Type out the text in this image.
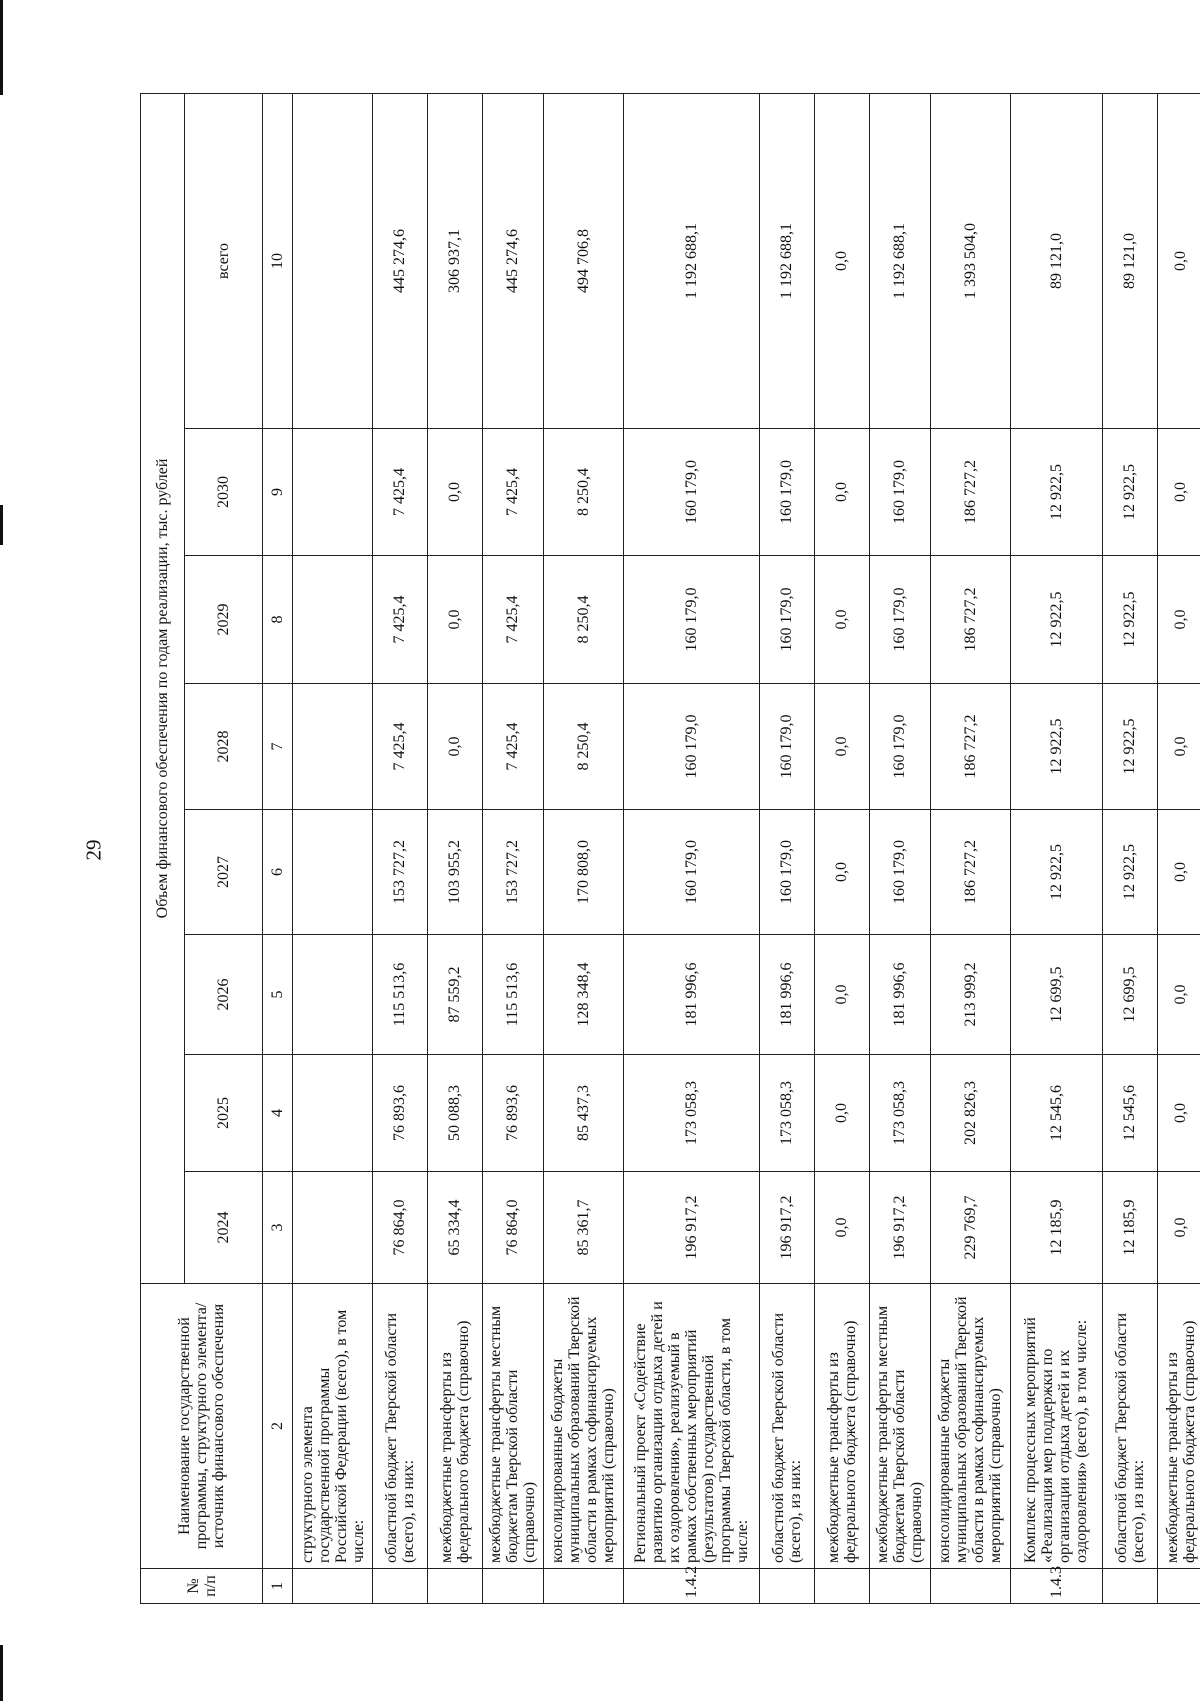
29
№ п/п	Наименование государственной программы, структурного элемента/источник финансового обеспечения	Объем финансового обеспечения по годам реализации, тыс. рублей							
		2024	2025	2026	2027	2028	2029	2030	всего
1	2	3	4	5	6	7	8	9	10
	структурного элемента государственной программы Российской Федерации (всего), в том числе:								
	областной бюджет Тверской области (всего), из них:	76 864,0	76 893,6	115 513,6	153 727,2	7 425,4	7 425,4	7 425,4	445 274,6
	межбюджетные трансферты из федерального бюджета (справочно)	65 334,4	50 088,3	87 559,2	103 955,2	0,0	0,0	0,0	306 937,1
	межбюджетные трансферты местным бюджетам Тверской области (справочно)	76 864,0	76 893,6	115 513,6	153 727,2	7 425,4	7 425,4	7 425,4	445 274,6
	консолидированные бюджеты муниципальных образований Тверской области в рамках софинансируемых мероприятий (справочно)	85 361,7	85 437,3	128 348,4	170 808,0	8 250,4	8 250,4	8 250,4	494 706,8
1.4.2	Региональный проект «Содействие развитию организации отдыха детей и их оздоровления», реализуемый в рамках собственных мероприятий (результатов) государственной программы Тверской области, в том числе:	196 917,2	173 058,3	181 996,6	160 179,0	160 179,0	160 179,0	160 179,0	1 192 688,1
	областной бюджет Тверской области (всего), из них:	196 917,2	173 058,3	181 996,6	160 179,0	160 179,0	160 179,0	160 179,0	1 192 688,1
	межбюджетные трансферты из федерального бюджета (справочно)	0,0	0,0	0,0	0,0	0,0	0,0	0,0	0,0
	межбюджетные трансферты местным бюджетам Тверской области (справочно)	196 917,2	173 058,3	181 996,6	160 179,0	160 179,0	160 179,0	160 179,0	1 192 688,1
	консолидированные бюджеты муниципальных образований Тверской области в рамках софинансируемых мероприятий (справочно)	229 769,7	202 826,3	213 999,2	186 727,2	186 727,2	186 727,2	186 727,2	1 393 504,0
1.4.3	Комплекс процессных мероприятий «Реализация мер поддержки по организации отдыха детей и их оздоровления» (всего), в том числе:	12 185,9	12 545,6	12 699,5	12 922,5	12 922,5	12 922,5	12 922,5	89 121,0
	областной бюджет Тверской области (всего), из них:	12 185,9	12 545,6	12 699,5	12 922,5	12 922,5	12 922,5	12 922,5	89 121,0
	межбюджетные трансферты из федерального бюджета (справочно)	0,0	0,0	0,0	0,0	0,0	0,0	0,0	0,0
